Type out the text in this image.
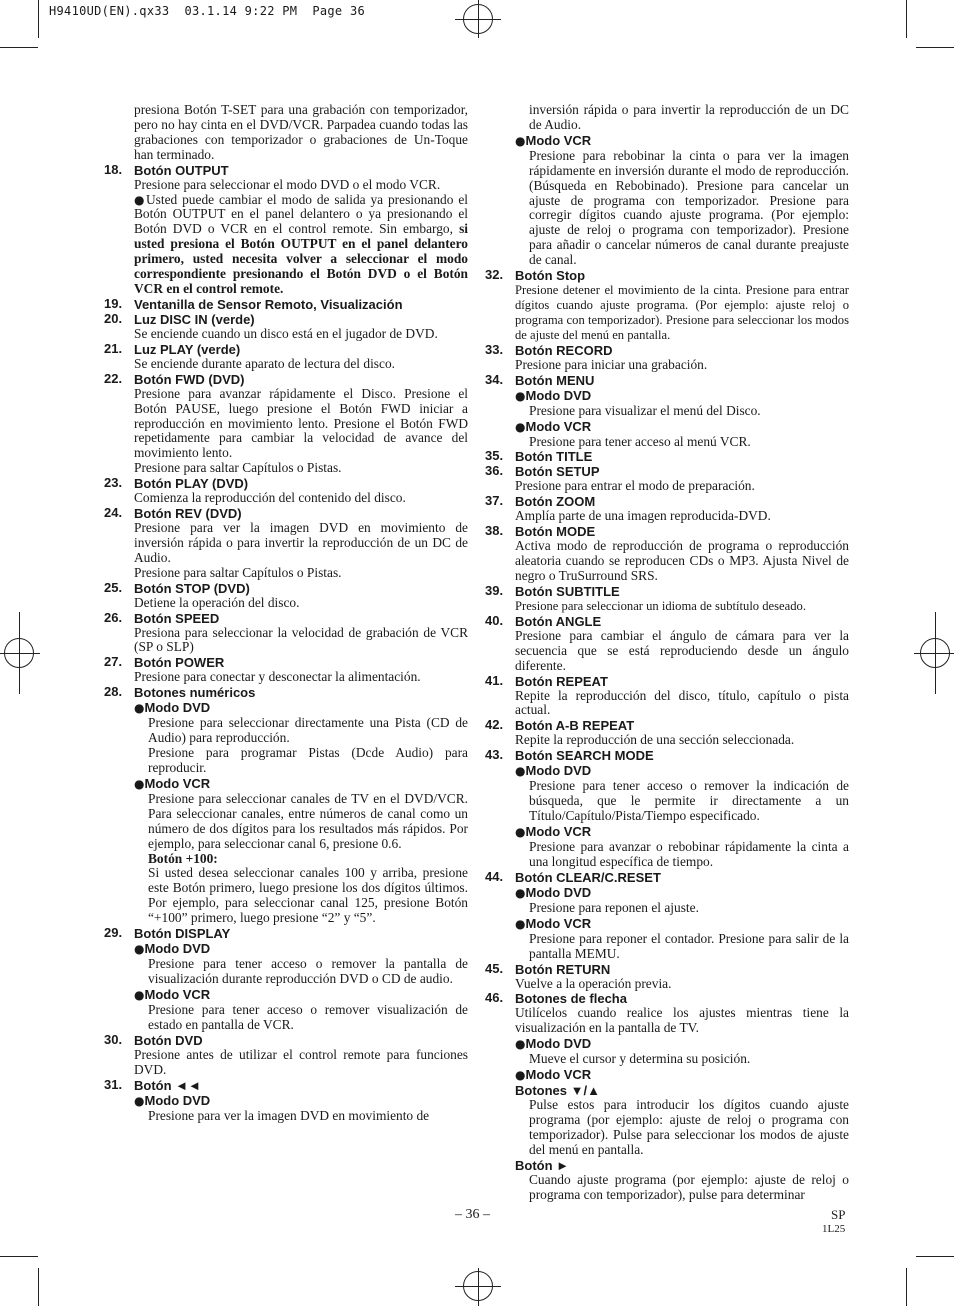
H9410UD(EN).qx33  03.1.14 9:22 PM  Page 36
presiona Botón T-SET para una grabación con temporizador, pero no hay cinta en el DVD/VCR. Parpadea cuando todas las grabaciones con temporizador o grabaciones de Un-Toque han terminado.
18. Botón OUTPUT
Presione para seleccionar el modo DVD o el modo VCR.
●Usted puede cambiar el modo de salida ya presionando el Botón OUTPUT en el panel delantero o ya presionando el Botón DVD o VCR en el control remote. Sin embargo, si usted presiona el Botón OUTPUT en el panel delantero primero, usted necesita volver a seleccionar el modo correspondiente presionando el Botón DVD o el Botón VCR en el control remote.
19. Ventanilla de Sensor Remoto, Visualización
20. Luz DISC IN (verde)
Se enciende cuando un disco está en el jugador de DVD.
21. Luz PLAY (verde)
Se enciende durante aparato de lectura del disco.
22. Botón FWD (DVD)
Presione para avanzar rápidamente el Disco. Presione el Botón PAUSE, luego presione el Botón FWD iniciar a reproducción en movimiento lento. Presione el Botón FWD repetidamente para cambiar la velocidad de avance del movimiento lento.
Presione para saltar Capítulos o Pistas.
23. Botón PLAY (DVD)
Comienza la reproducción del contenido del disco.
24. Botón REV (DVD)
Presione para ver la imagen DVD en movimiento de inversión rápida o para invertir la reproducción de un DC de Audio.
Presione para saltar Capítulos o Pistas.
25. Botón STOP (DVD)
Detiene la operación del disco.
26. Botón SPEED
Presiona para seleccionar la velocidad de grabación de VCR (SP o SLP)
27. Botón POWER
Presione para conectar y desconectar la alimentación.
28. Botones numéricos
●Modo DVD
Presione para seleccionar directamente una Pista (CD de Audio) para reproducción.
Presione para programar Pistas (Dcde Audio) para reproducir.
●Modo VCR
Presione para seleccionar canales de TV en el DVD/VCR. Para seleccionar canales, entre números de canal como un número de dos dígitos para los resultados más rápidos. Por ejemplo, para seleccionar canal 6, presione 0.6.
Botón +100:
Si usted desea seleccionar canales 100 y arriba, presione este Botón primero, luego presione los dos dígitos últimos. Por ejemplo, para seleccionar canal 125, presione Botón “+100” primero, luego presione “2” y “5”.
29. Botón DISPLAY
●Modo DVD
Presione para tener acceso o remover la pantalla de visualización durante reproducción DVD o CD de audio.
●Modo VCR
Presione para tener acceso o remover visualización de estado en pantalla de VCR.
30. Botón DVD
Presione antes de utilizar el control remote para funciones DVD.
31. Botón ◄◄
●Modo DVD
Presione para ver la imagen DVD en movimiento de
inversión rápida o para invertir la reproducción de un DC de Audio.
●Modo VCR
Presione para rebobinar la cinta o para ver la imagen rápidamente en inversión durante el modo de reproducción.(Búsqueda en Rebobinado). Presione para cancelar un ajuste de programa con temporizador. Presione para corregir dígitos cuando ajuste programa. (Por ejemplo: ajuste de reloj o programa con temporizador). Presione para añadir o cancelar números de canal durante preajuste de canal.
32. Botón Stop
Presione detener el movimiento de la cinta. Presione para entrar dígitos cuando ajuste programa. (Por ejemplo: ajuste reloj o programa con temporizador). Presione para seleccionar los modos de ajuste del menú en pantalla.
33. Botón RECORD
Presione para iniciar una grabación.
34. Botón MENU
●Modo DVD
Presione para visualizar el menú del Disco.
●Modo VCR
Presione para tener acceso al menú VCR.
35. Botón TITLE
36. Botón SETUP
Presione para entrar el modo de preparación.
37. Botón ZOOM
Amplía parte de una imagen reproducida-DVD.
38. Botón MODE
Activa modo de reproducción de programa o reproducción aleatoria cuando se reproducen CDs o MP3. Ajusta Nivel de negro o TruSurround SRS.
39. Botón SUBTITLE
Presione para seleccionar un idioma de subtítulo deseado.
40. Botón ANGLE
Presione para cambiar el ángulo de cámara para ver la secuencia que se está reproduciendo desde un ángulo diferente.
41. Botón REPEAT
Repite la reproducción del disco, título, capítulo o pista actual.
42. Botón A-B REPEAT
Repite la reproducción de una sección seleccionada.
43. Botón SEARCH MODE
●Modo DVD
Presione para tener acceso o remover la indicación de búsqueda, que le permite ir directamente a un Título/Capítulo/Pista/Tiempo especificado.
●Modo VCR
Presione para avanzar o rebobinar rápidamente la cinta a una longitud específica de tiempo.
44. Botón CLEAR/C.RESET
●Modo DVD
Presione para reponen el ajuste.
●Modo VCR
Presione para reponer el contador. Presione para salir de la pantalla MEMU.
45. Botón RETURN
Vuelve a la operación previa.
46. Botones de flecha
Utilícelos cuando realice los ajustes mientras tiene la visualización en la pantalla de TV.
●Modo DVD
Mueve el cursor y determina su posición.
●Modo VCR
Botones ▼/▲
Pulse estos para introducir los dígitos cuando ajuste programa (por ejemplo: ajuste de reloj o programa con temporizador). Pulse para seleccionar los modos de ajuste del menú en pantalla.
Botón ►
Cuando ajuste programa (por ejemplo: ajuste de reloj o programa con temporizador), pulse para determinar
– 36 –	SP
1L25
